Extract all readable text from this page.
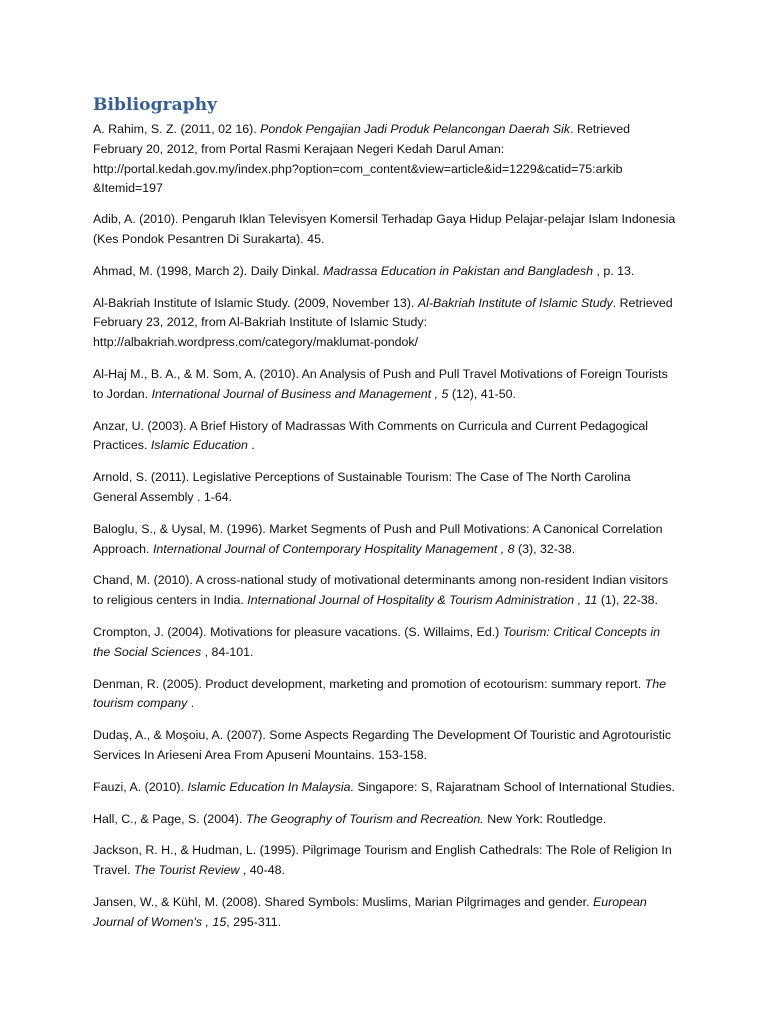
Bibliography

A. Rahim, S. Z. (2011, 02 16). Pondok Pengajian Jadi Produk Pelancongan Daerah Sik. Retrieved February 20, 2012, from Portal Rasmi Kerajaan Negeri Kedah Darul Aman: http://portal.kedah.gov.my/index.php?option=com_content&view=article&id=1229&catid=75:arkib &Itemid=197

Adib, A. (2010). Pengaruh Iklan Televisyen Komersil Terhadap Gaya Hidup Pelajar-pelajar Islam Indonesia (Kes Pondok Pesantren Di Surakarta). 45.

Ahmad, M. (1998, March 2). Daily Dinkal. Madrassa Education in Pakistan and Bangladesh , p. 13.

Al-Bakriah Institute of Islamic Study. (2009, November 13). Al-Bakriah Institute of Islamic Study. Retrieved February 23, 2012, from Al-Bakriah Institute of Islamic Study: http://albakriah.wordpress.com/category/maklumat-pondok/

Al-Haj M., B. A., & M. Som, A. (2010). An Analysis of Push and Pull Travel Motivations of Foreign Tourists to Jordan. International Journal of Business and Management , 5 (12), 41-50.

Anzar, U. (2003). A Brief History of Madrassas With Comments on Curricula and Current Pedagogical Practices. Islamic Education .

Arnold, S. (2011). Legislative Perceptions of Sustainable Tourism: The Case of The North Carolina General Assembly . 1-64.

Baloglu, S., & Uysal, M. (1996). Market Segments of Push and Pull Motivations: A Canonical Correlation Approach. International Journal of Contemporary Hospitality Management , 8 (3), 32-38.

Chand, M. (2010). A cross-national study of motivational determinants among non-resident Indian visitors to religious centers in India. International Journal of Hospitality & Tourism Administration , 11 (1), 22-38.

Crompton, J. (2004). Motivations for pleasure vacations. (S. Willaims, Ed.) Tourism: Critical Concepts in the Social Sciences , 84-101.

Denman, R. (2005). Product development, marketing and promotion of ecotourism: summary report. The tourism company .

Dudaş, A., & Moşoiu, A. (2007). Some Aspects Regarding The Development Of Touristic and Agrotouristic Services In Arieseni Area From Apuseni Mountains. 153-158.

Fauzi, A. (2010). Islamic Education In Malaysia. Singapore: S, Rajaratnam School of International Studies.

Hall, C., & Page, S. (2004). The Geography of Tourism and Recreation. New York: Routledge.

Jackson, R. H., & Hudman, L. (1995). Pilgrimage Tourism and English Cathedrals: The Role of Religion In Travel. The Tourist Review , 40-48.

Jansen, W., & Kühl, M. (2008). Shared Symbols: Muslims, Marian Pilgrimages and gender. European Journal of Women's , 15, 295-311.
